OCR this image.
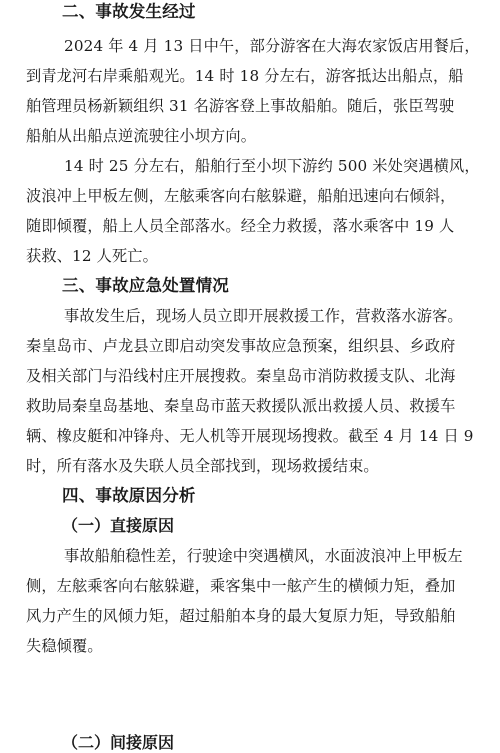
二、事故发生经过
2024 年 4 月 13 日中午，部分游客在大海农家饭店用餐后，
到青龙河右岸乘船观光。14 时 18 分左右，游客抵达出船点，船
舶管理员杨新颖组织 31 名游客登上事故船舶。随后，张臣驾驶
船舶从出船点逆流驶往小坝方向。
14 时 25 分左右，船舶行至小坝下游约 500 米处突遇横风，
波浪冲上甲板左侧，左舷乘客向右舷躲避，船舶迅速向右倾斜，
随即倾覆，船上人员全部落水。经全力救援，落水乘客中 19 人
获救、12 人死亡。
三、事故应急处置情况
事故发生后，现场人员立即开展救援工作，营救落水游客。
秦皇岛市、卢龙县立即启动突发事故应急预案，组织县、乡政府
及相关部门与沿线村庄开展搜救。秦皇岛市消防救援支队、北海
救助局秦皇岛基地、秦皇岛市蓝天救援队派出救援人员、救援车
辆、橡皮艇和冲锋舟、无人机等开展现场搜救。截至 4 月 14 日 9
时，所有落水及失联人员全部找到，现场救援结束。
四、事故原因分析
（一）直接原因
事故船舶稳性差，行驶途中突遇横风，水面波浪冲上甲板左
侧，左舷乘客向右舷躲避，乘客集中一舷产生的横倾力矩，叠加
风力产生的风倾力矩，超过船舶本身的最大复原力矩，导致船舶
失稳倾覆。
（二）间接原因
